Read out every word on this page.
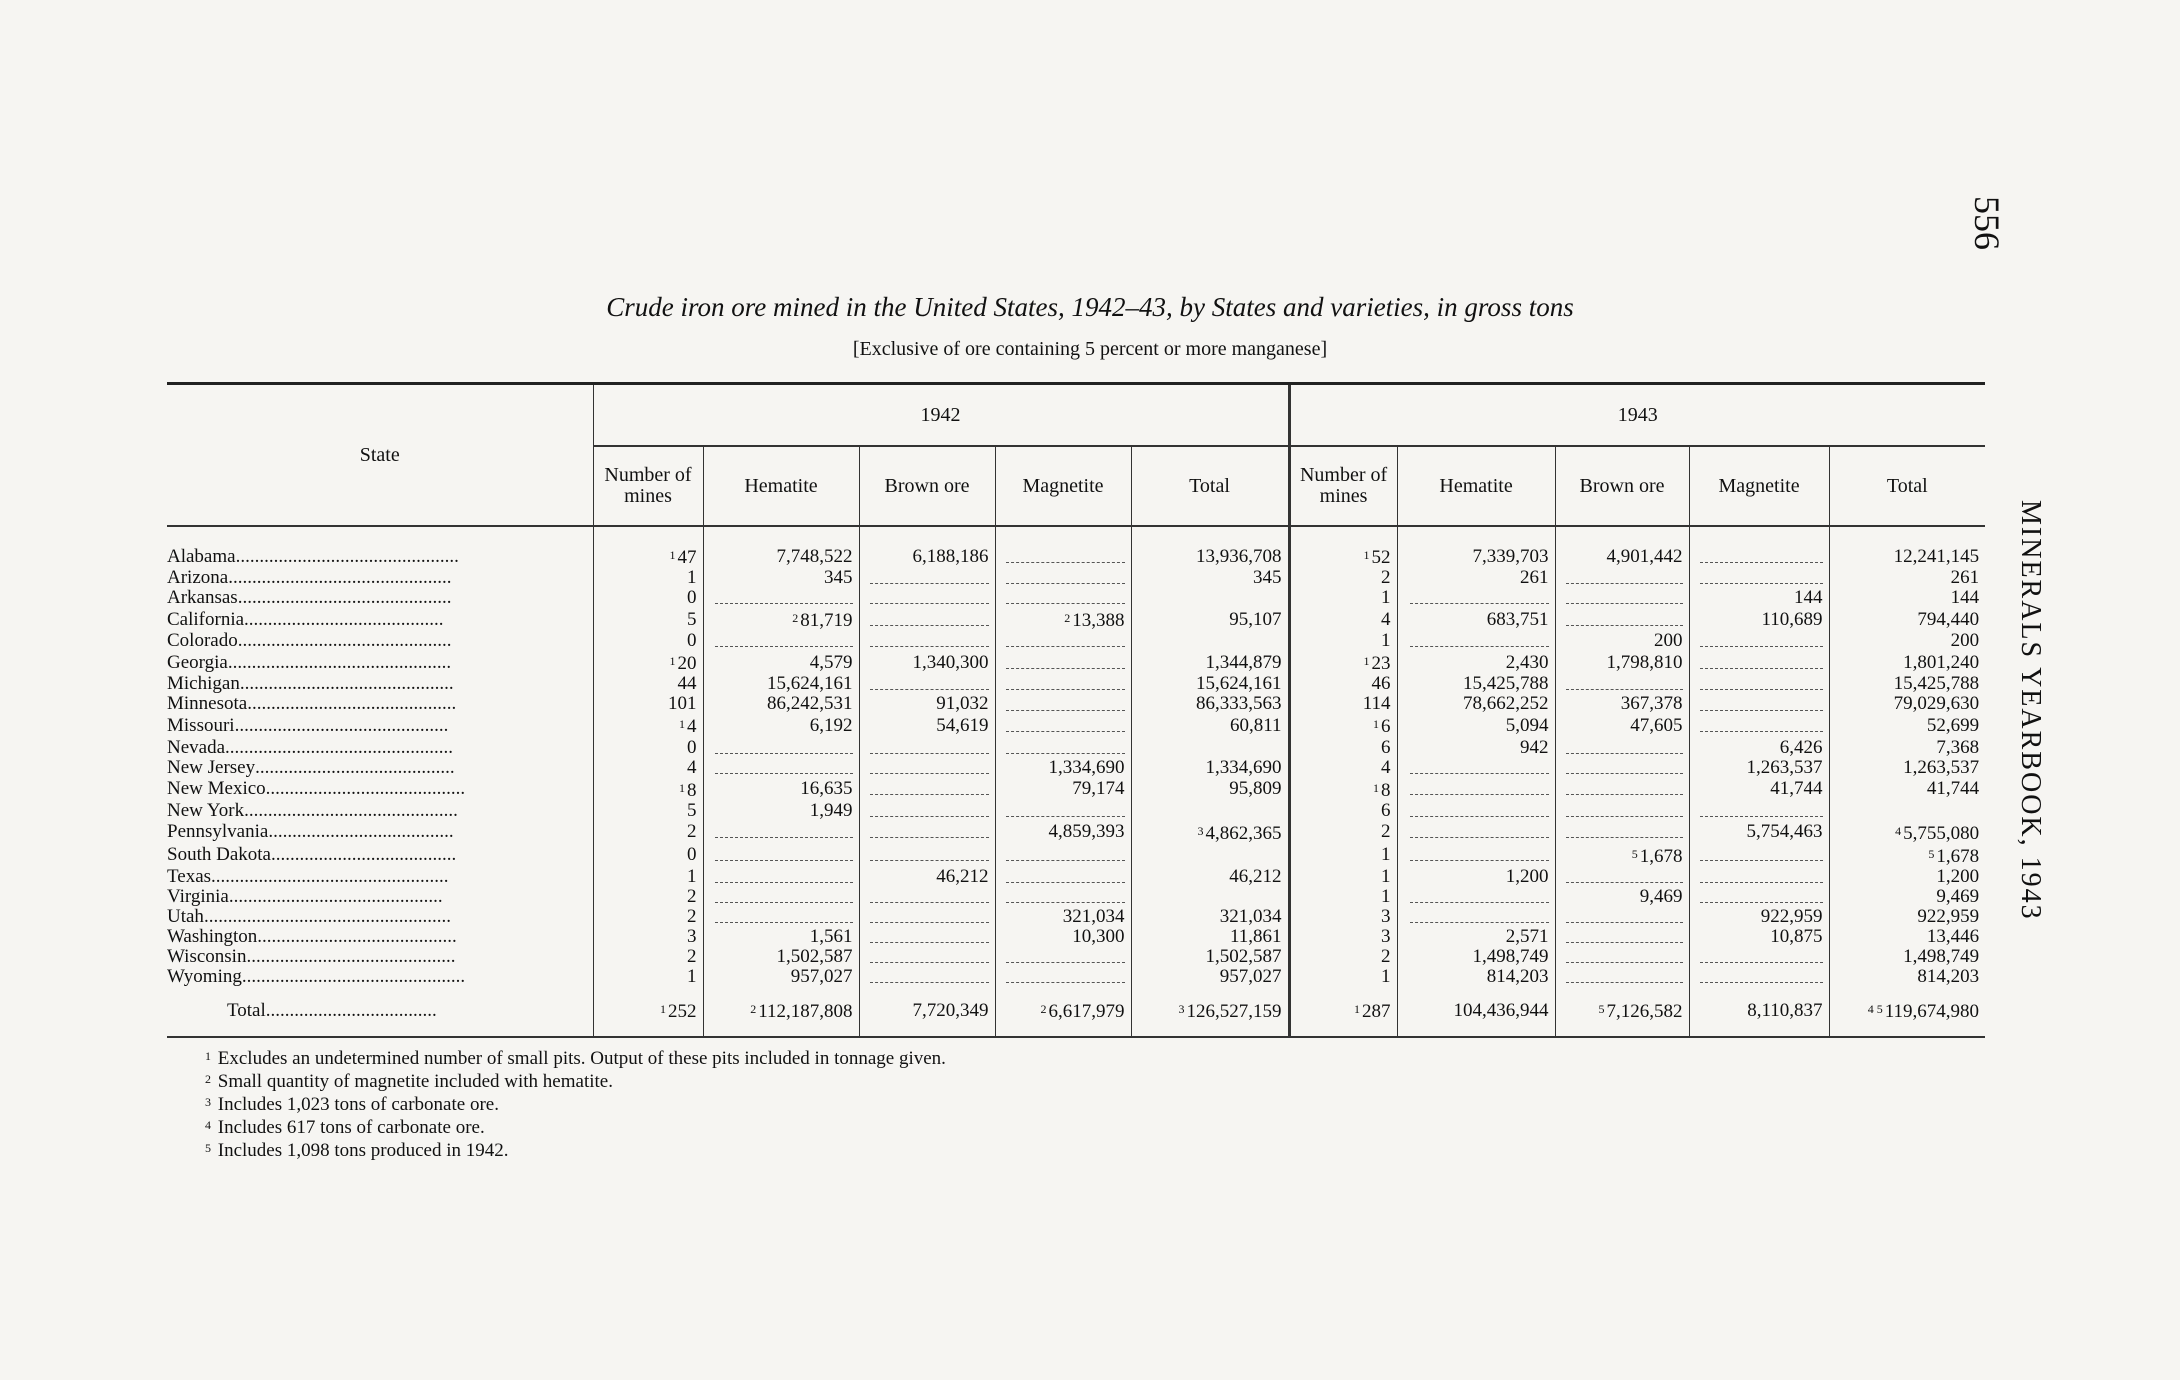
556
MINERALS YEARBOOK, 1943
Crude iron ore mined in the United States, 1942–43, by States and varieties, in gross tons
[Exclusive of ore containing 5 percent or more manganese]
State	1942					1943				
	Number of mines	Hematite	Brown ore	Magnetite	Total	Number of mines	Hematite	Brown ore	Magnetite	Total
Alabama...............................................	$^1$ 47	7,748,522	6,188,186		13,936,708	$^1$ 52	7,339,703	4,901,442		12,241,145
Arizona...............................................	1	345			345	2	261			261
Arkansas.............................................	0					1			144	144
California..........................................	5	$^2$ 81,719		$^2$ 13,388	95,107	4	683,751		110,689	794,440
Colorado.............................................	0					1		200		200
Georgia...............................................	$^1$ 20	4,579	1,340,300		1,344,879	$^1$ 23	2,430	1,798,810		1,801,240
Michigan.............................................	44	15,624,161			15,624,161	46	15,425,788			15,425,788
Minnesota............................................	101	86,242,531	91,032		86,333,563	114	78,662,252	367,378		79,029,630
Missouri.............................................	$^1$ 4	6,192	54,619		60,811	$^1$ 6	5,094	47,605		52,699
Nevada................................................	0					6	942		6,426	7,368
New Jersey..........................................	4			1,334,690	1,334,690	4			1,263,537	1,263,537
New Mexico..........................................	$^1$ 8	16,635		79,174	95,809	$^1$ 8			41,744	41,744
New York.............................................	5	1,949				6				
Pennsylvania.......................................	2			4,859,393	$^3$ 4,862,365	2			5,754,463	$^4$ 5,755,080
South Dakota.......................................	0					1		$^5$ 1,678		$^5$ 1,678
Texas..................................................	1		46,212		46,212	1	1,200			1,200
Virginia.............................................	2					1		9,469		9,469
Utah....................................................	2			321,034	321,034	3			922,959	922,959
Washington..........................................	3	1,561		10,300	11,861	3	2,571		10,875	13,446
Wisconsin............................................	2	1,502,587			1,502,587	2	1,498,749			1,498,749
Wyoming...............................................	1	957,027			957,027	1	814,203			814,203
Total....................................	$^1$ 252	$^2$ 112,187,808	7,720,349	$^2$ 6,617,979	$^3$ 126,527,159	$^1$ 287	104,436,944	$^5$ 7,126,582	8,110,837	$^{4 5}$ 119,674,980
$^1$ Excludes an undetermined number of small pits. Output of these pits included in tonnage given.
$^2$ Small quantity of magnetite included with hematite.
$^3$ Includes 1,023 tons of carbonate ore.
$^4$ Includes 617 tons of carbonate ore.
$^5$ Includes 1,098 tons produced in 1942.
